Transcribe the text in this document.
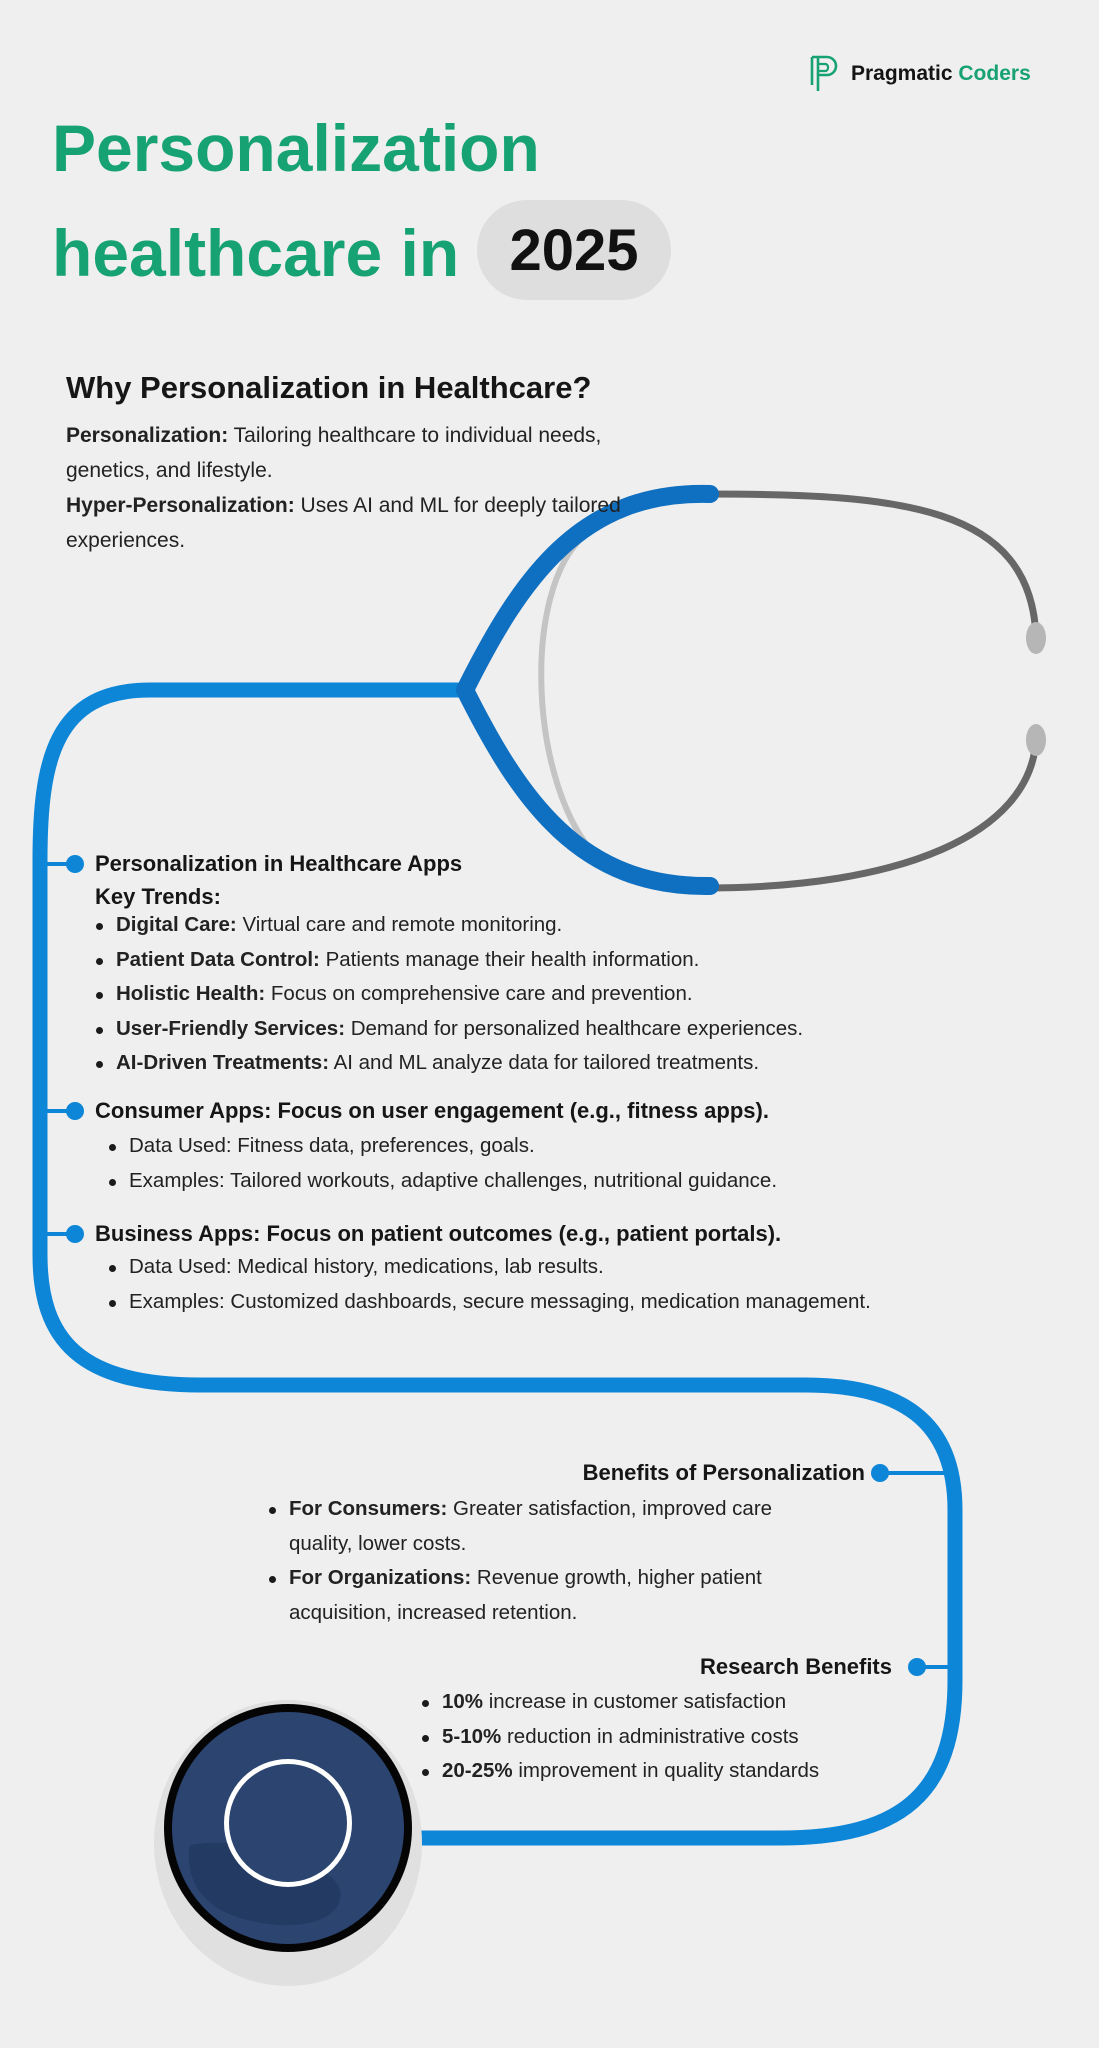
Pragmatic Coders
Personalization
healthcare in 2025
Why Personalization in Healthcare?
Personalization: Tailoring healthcare to individual needs, genetics, and lifestyle.
Hyper-Personalization: Uses AI and ML for deeply tailored experiences.
Personalization in Healthcare Apps
Key Trends:
Digital Care: Virtual care and remote monitoring.
Patient Data Control: Patients manage their health information.
Holistic Health: Focus on comprehensive care and prevention.
User-Friendly Services: Demand for personalized healthcare experiences.
AI-Driven Treatments: AI and ML analyze data for tailored treatments.
Consumer Apps: Focus on user engagement (e.g., fitness apps).
Data Used: Fitness data, preferences, goals.
Examples: Tailored workouts, adaptive challenges, nutritional guidance.
Business Apps: Focus on patient outcomes (e.g., patient portals).
Data Used: Medical history, medications, lab results.
Examples: Customized dashboards, secure messaging, medication management.
Benefits of Personalization
For Consumers: Greater satisfaction, improved care quality, lower costs.
For Organizations: Revenue growth, higher patient acquisition, increased retention.
Research Benefits
10% increase in customer satisfaction
5-10% reduction in administrative costs
20-25% improvement in quality standards
